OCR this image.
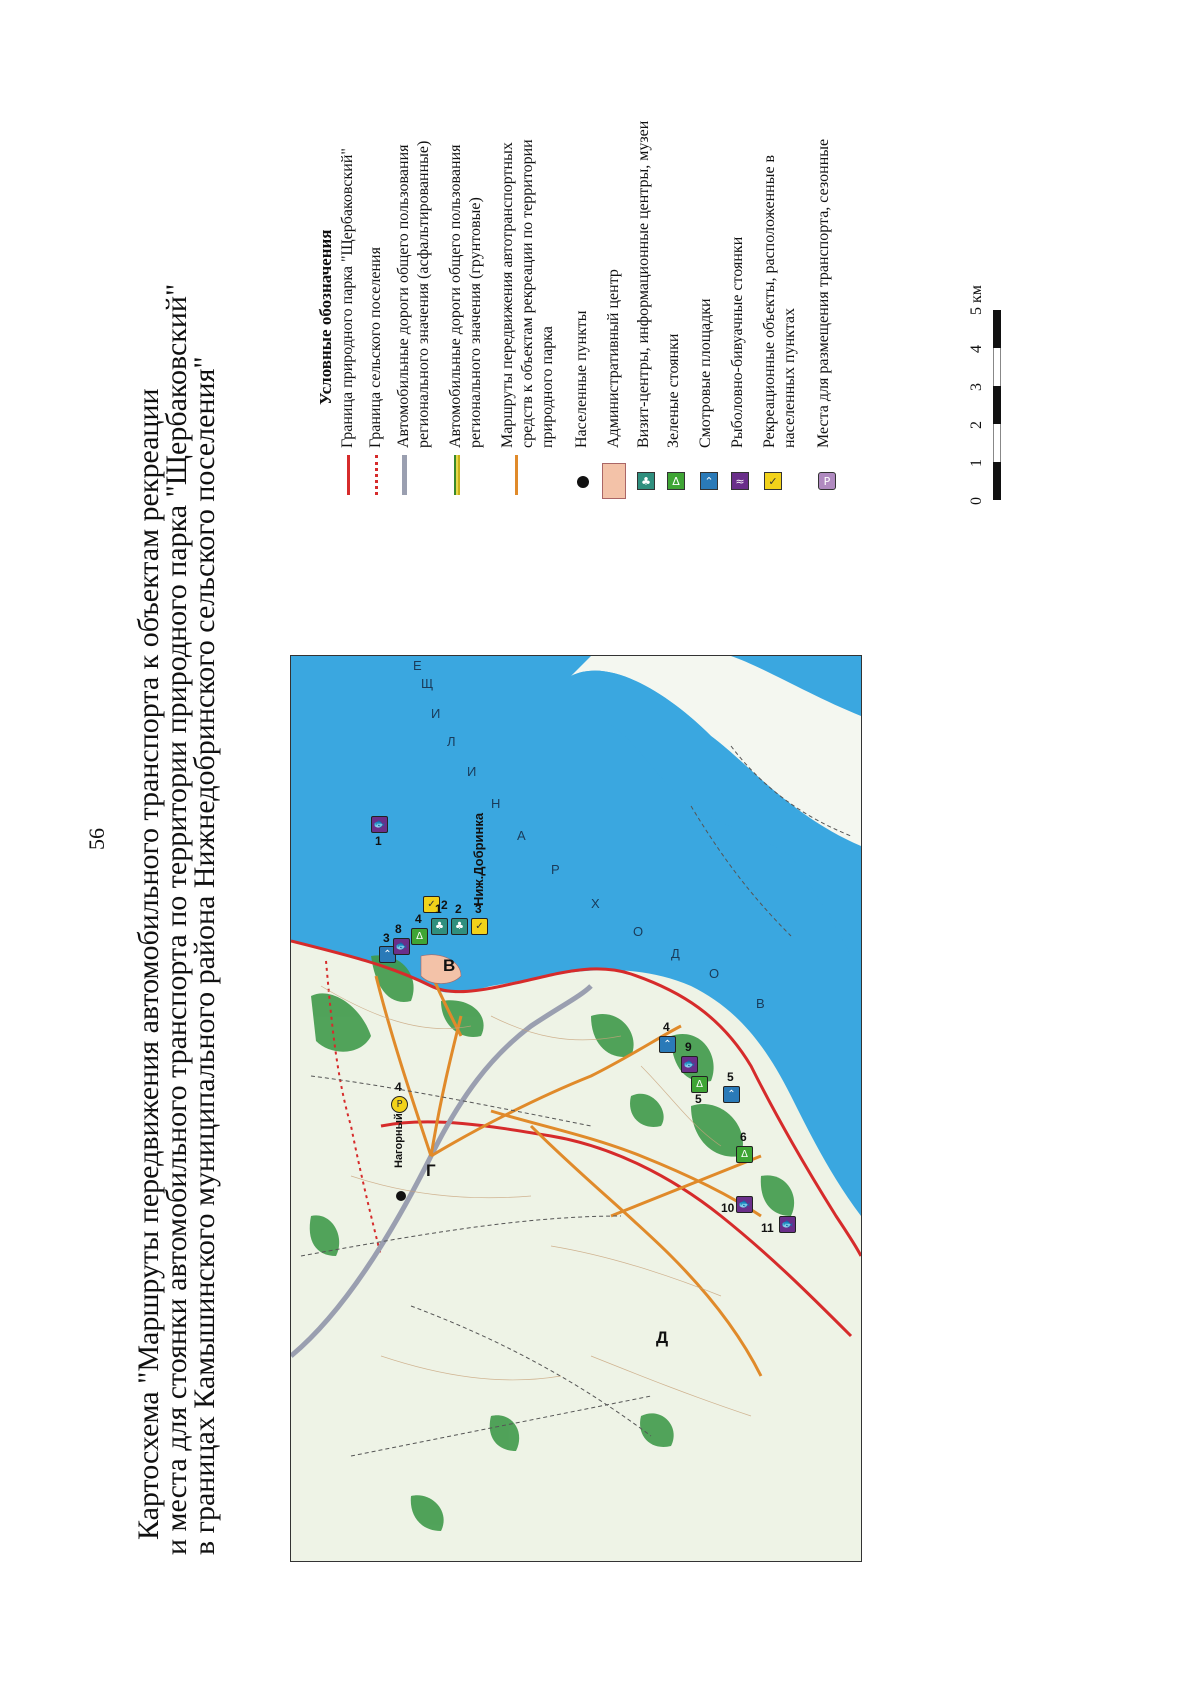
56 Картосхема "Маршруты передвижения автомобильного транспорта к объектам рекреации
и места для стоянки автомобильного транспорта по территории природного парка "Щербаковский"
в границах Камышинского муниципального района Нижнедобринского сельского поселения"	Ниж.Добринка
Нагорный
В
Г
Д
В
О
Д
О
Х
Р
А
Н
И
Л
И
Щ
Е
🐟
1
✓ 2
⌃
3	Δ
4
🐟
8	♣
1
♣
2
✓
3
⌃
4
🐟
9
Δ
5	⌃
5
Δ
6
🐟
10
🐟
11
P
4
Условные обозначения Граница природного парка "Щербаковский" Граница сельского поселения Автомобильные дороги общего пользования регионального значения (асфальтированные) Автомобильные дороги общего пользования регионального значения (грунтовые) Маршруты передвижения автотранспортных средств к объектам рекреации по территории природного парка Населенные пункты Административный центр
♣
Визит-центры, информационные центры, музеи
Δ
Зеленые стоянки
⌃
Смотровые площадки
≈
Рыболовно-бивуачные стоянки
✓
Рекреационные объекты, расположенные в населенных пунктах
P
Места для размещения транспорта, сезонные
0
1
2
3
4
5 км
